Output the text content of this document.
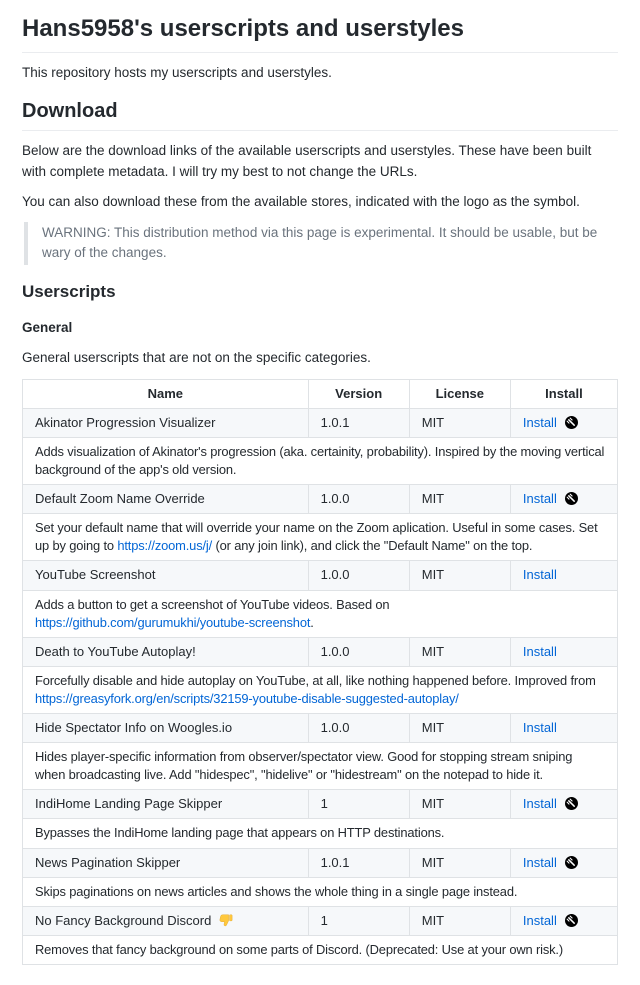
Hans5958's userscripts and userstyles

This repository hosts my userscripts and userstyles.

Download

Below are the download links of the available userscripts and userstyles. These have been built with complete metadata. I will try my best to not change the URLs.

You can also download these from the available stores, indicated with the logo as the symbol.

WARNING: This distribution method via this page is experimental. It should be usable, but be wary of the changes.

Userscripts
General

General userscripts that are not on the specific categories.

Name	Version	License	Install
Akinator Progression Visualizer	1.0.1	MIT	Install
Adds visualization of Akinator's progression (aka. certainity, probability). Inspired by the moving vertical background of the app's old version.			
Default Zoom Name Override	1.0.0	MIT	Install
Set your default name that will override your name on the Zoom aplication. Useful in some cases. Set up by going to https://zoom.us/j/ (or any join link), and click the "Default Name" on the top.			
YouTube Screenshot	1.0.0	MIT	Install
Adds a button to get a screenshot of YouTube videos. Based on https://github.com/gurumukhi/youtube-screenshot.			
Death to YouTube Autoplay!	1.0.0	MIT	Install
Forcefully disable and hide autoplay on YouTube, at all, like nothing happened before. Improved from https://greasyfork.org/en/scripts/32159-youtube-disable-suggested-autoplay/			
Hide Spectator Info on Woogles.io	1.0.0	MIT	Install
Hides player-specific information from observer/spectator view. Good for stopping stream sniping when broadcasting live. Add "hidespec", "hidelive" or "hidestream" on the notepad to hide it.			
IndiHome Landing Page Skipper	1	MIT	Install
Bypasses the IndiHome landing page that appears on HTTP destinations.			
News Pagination Skipper	1.0.1	MIT	Install
Skips paginations on news articles and shows the whole thing in a single page instead.			
No Fancy Background Discord	1	MIT	Install
Removes that fancy background on some parts of Discord. (Deprecated: Use at your own risk.)			
